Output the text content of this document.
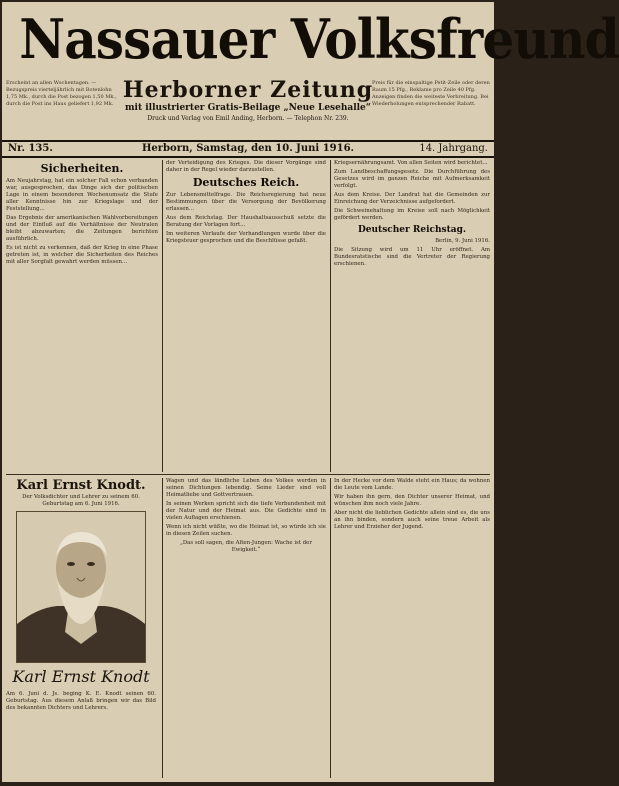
Nassauer Volksfreund
Erscheint an allen Wochentagen. — Bezugspreis vierteljährlich mit Botenlohn 1,75 Mk., durch die Post bezogen 1,50 Mk., durch die Post ins Haus geliefert 1,92 Mk.
Herborner Zeitung
mit illustrierter Gratis-Beilage „Neue Lesehalle“
Druck und Verlag von Emil Anding, Herborn. — Telephon Nr. 239.
Preis für die einspaltige Petit-Zeile oder deren Raum 15 Pfg., Reklame pro Zeile 40 Pfg. Anzeigen finden die weiteste Verbreitung. Bei Wiederholungen entsprechender Rabatt.
Nr. 135.	Herborn, Samstag, den 10. Juni 1916.	14. Jahrgang.
Sicherheiten.

Am Neujahrstag, hat ein solcher Fall schon verbanden war, ausgesprochen, das Dinge sich der politischen Lage in einem besonderen Wochenumsatz die Stufe aller Kenntnisse hin zur Kriegslage und der Feststellung...

Das Ergebnis der amerikanischen Wahlvorbereitungen und der Einfluß auf die Verhältnisse der Neutralen bleibt abzuwarten; die Zeitungen berichten ausführlich.

Es ist nicht zu verkennen, daß der Krieg in eine Phase getreten ist, in welcher die Sicherheiten des Reiches mit aller Sorgfalt gewahrt werden müssen...

der Verteidigung des Krieges. Die dieser Vorgänge sind daher in der Regel wieder darzustellen.

Deutsches Reich.

Zur Lebensmittelfrage. Die Reichsregierung hat neue Bestimmungen über die Versorgung der Bevölkerung erlassen...

Aus dem Reichstag. Der Haushaltsausschuß setzte die Beratung der Vorlagen fort...

Im weiteren Verlaufe der Verhandlungen wurde über die Kriegsteuer gesprochen und die Beschlüsse gefaßt.

Kriegsernährungsamt. Von allen Seiten wird berichtet...

Zum Landbeschaffungsgesetz. Die Durchführung des Gesetzes wird im ganzen Reiche mit Aufmerksamkeit verfolgt.

Aus dem Kreise. Der Landrat hat die Gemeinden zur Einreichung der Verzeichnisse aufgefordert.

Die Schweinehaltung im Kreise soll nach Möglichkeit gefördert werden.

Deutscher Reichstag.

Berlin, 9. Juni 1916.

Die Sitzung wird um 11 Uhr eröffnet. Am Bundesratstische sind die Vertreter der Regierung erschienen.

Karl Ernst Knodt.
Der Volksdichter und Lehrer zu seinem 60. Geburtstag am 6. Juni 1916.
Karl Ernst Knodt
Am 6. Juni d. Js. beging K. E. Knodt seinen 60. Geburtstag. Aus diesem Anlaß bringen wir das Bild des bekannten Dichters und Lehrers.

Wagen und das ländliche Leben des Volkes werden in seinen Dichtungen lebendig. Seine Lieder sind voll Heimatliebe und Gottvertrauen.

In seinen Werken spricht sich die tiefe Verbundenheit mit der Natur und der Heimat aus. Die Gedichte sind in vielen Auflagen erschienen.

Wenn ich nicht wüßte, wo die Heimat ist, so würde ich sie in diesen Zeilen suchen.

„Das soll sagen, die Alten-Jungen: Wache ist der Ewigkeit.“

In der Hecke vor dem Walde steht ein Haus; da wohnen die Leute vom Lande.

Wir haben ihn gern, den Dichter unserer Heimat, und wünschen ihm noch viele Jahre.

Aber nicht die lieblichen Gedichte allein sind es, die uns an ihn binden, sondern auch seine treue Arbeit als Lehrer und Erzieher der Jugend.
